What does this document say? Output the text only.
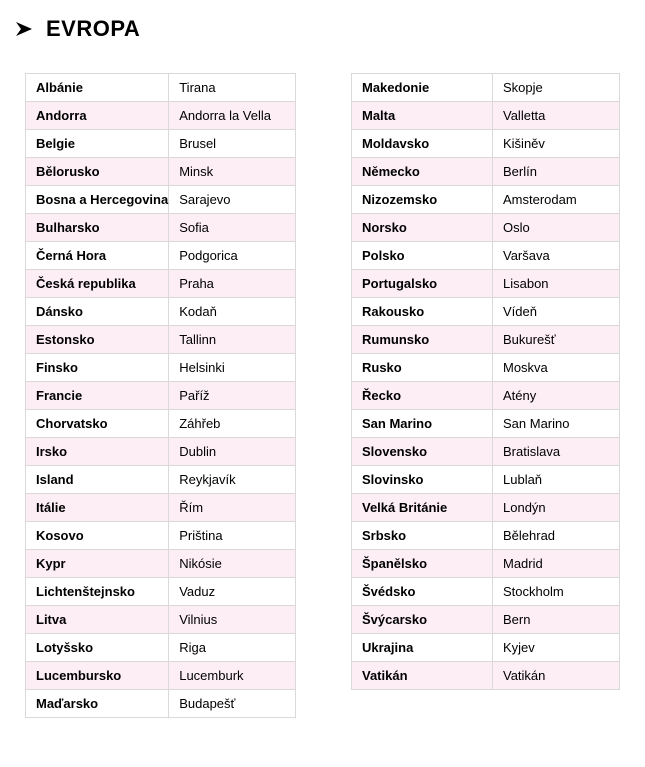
EVROPA
Albánie	Tirana
Andorra	Andorra la Vella
Belgie	Brusel
Bělorusko	Minsk
Bosna a Hercegovina	Sarajevo
Bulharsko	Sofia
Černá Hora	Podgorica
Česká republika	Praha
Dánsko	Kodaň
Estonsko	Tallinn
Finsko	Helsinki
Francie	Paříž
Chorvatsko	Záhřeb
Irsko	Dublin
Island	Reykjavík
Itálie	Řím
Kosovo	Priština
Kypr	Nikósie
Lichtenštejnsko	Vaduz
Litva	Vilnius
Lotyšsko	Riga
Lucembursko	Lucemburk
Maďarsko	Budapešť
Makedonie	Skopje
Malta	Valletta
Moldavsko	Kišiněv
Německo	Berlín
Nizozemsko	Amsterodam
Norsko	Oslo
Polsko	Varšava
Portugalsko	Lisabon
Rakousko	Vídeň
Rumunsko	Bukurešť
Rusko	Moskva
Řecko	Atény
San Marino	San Marino
Slovensko	Bratislava
Slovinsko	Lublaň
Velká Británie	Londýn
Srbsko	Bělehrad
Španělsko	Madrid
Švédsko	Stockholm
Švýcarsko	Bern
Ukrajina	Kyjev
Vatikán	Vatikán
